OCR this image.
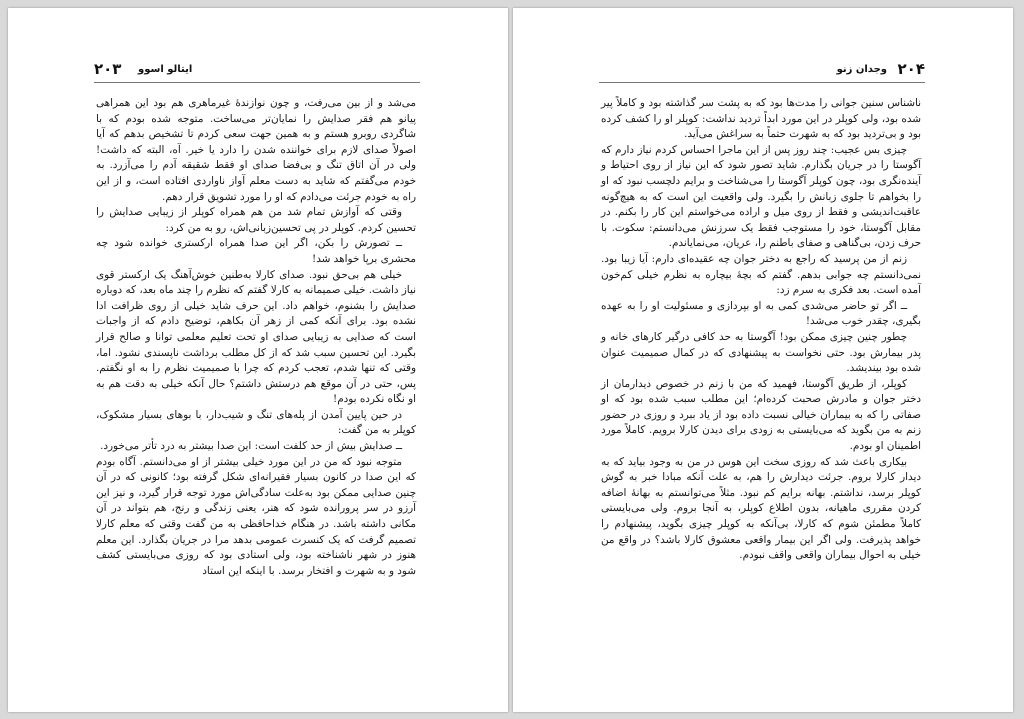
۲۰۳ ایتالو اسوو

می‌شد و از بین می‌رفت، و چون نوازندهٔ غیرماهری هم بود این همراهی پیانو هم فقر صدایش را نمایان‌تر می‌ساخت. متوجه شده بودم که با شاگردی روبرو هستم و به همین جهت سعی کردم تا تشخیص بدهم که آیا اصولاً صدای لازم برای خواننده شدن را دارد یا خیر. آه، البته که داشت! ولی در آن اتاق تنگ و بی‌فضا صدای او فقط شقیقه آدم را می‌آزرد. به خودم می‌گفتم که شاید به دست معلم آواز ناواردی افتاده است، و از این راه به خودم جرئت می‌دادم که او را مورد تشویق قرار دهم.

وقتی که آوازش تمام شد من هم همراه کوپلر از زیبایی صدایش را تحسین کردم. کوپلر در پی تحسین‌زبانی‌اش، رو به من کرد:

ــ تصورش را بکن، اگر این صدا همراه ارکستری خوانده شود چه محشری برپا خواهد شد!

خیلی هم بی‌حق نبود. صدای کارلا به‌طنین خوش‌آهنگ یک ارکستر قوی نیاز داشت. خیلی صمیمانه به کارلا گفتم که نظرم را چند ماه بعد، که دوباره صدایش را بشنوم، خواهم داد. این حرف شاید خیلی از روی ظرافت ادا نشده بود. برای آنکه کمی از زهر آن بکاهم، توضیح دادم که از واجبات است که صدایی به زیبایی صدای او تحت تعلیم معلمی توانا و صالح قرار بگیرد. این تحسین سبب شد که از کل مطلب برداشت ناپسندی نشود. اما، وقتی که تنها شدم، تعجب کردم که چرا با صمیمیت نظرم را به او نگفتم. پس، حتی در آن موقع هم درستش داشتم؟ حال آنکه خیلی به دقت هم به او نگاه نکرده بودم!

در حین پایین آمدن از پله‌های تنگ و شیب‌دار، با بوهای بسیار مشکوک، کوپلر به من گفت:

ــ صدایش بیش از حد کلفت است: این صدا بیشتر به درد تأتر می‌خورد.

متوجه نبود که من در این مورد خیلی بیشتر از او می‌دانستم. آگاه بودم که این صدا در کانون بسیار فقیرانه‌ای شکل گرفته بود؛ کانونی که در آن چنین صدایی ممکن بود به‌علت سادگی‌اش مورد توجه قرار گیرد، و نیز این آرزو در سر پرورانده شود که هنر، یعنی زندگی و رنج، هم بتواند در آن مکانی داشته باشد. در هنگام خداحافظی به من گفت وقتی که معلم کارلا تصمیم گرفت که یک کنسرت عمومی بدهد مرا در جریان بگذارد. این معلم هنوز در شهر ناشناخته بود، ولی استادی بود که روزی می‌بایستی کشف شود و به شهرت و افتخار برسد. با اینکه این استاد

۲۰۴
وجدان زنو

ناشناس سنین جوانی را مدت‌ها بود که به پشت سر گذاشته بود و کاملاً پیر شده بود، ولی کوپلر در این مورد ابداً تردید نداشت: کوپلر او را کشف کرده بود و بی‌تردید بود که به شهرت حتماً به سراغش می‌آید.

چیزی بس عجیب: چند روز پس از این ماجرا احساس کردم نیاز دارم که آگوستا را در جریان بگذارم. شاید تصور شود که این نیاز از روی احتیاط و آینده‌نگری بود، چون کوپلر آگوستا را می‌شناخت و برایم دلچسب نبود که او را بخواهم تا جلوی زبانش را بگیرد. ولی واقعیت این است که به هیچ‌گونه عاقبت‌اندیشی و فقط از روی میل و اراده می‌خواستم این کار را بکنم. در مقابل آگوستا، خود را مستوجب فقط یک سرزنش می‌دانستم: سکوت. با حرف زدن، بی‌گناهی و صفای باطنم را، عریان، می‌نمایاندم.

زنم از من پرسید که راجع به دختر جوان چه عقیده‌ای دارم: آیا زیبا بود. نمی‌دانستم چه جوابی بدهم. گفتم که بچهٔ بیچاره به نظرم خیلی کم‌خون آمده است. بعد فکری به سرم زد:

ــ اگر تو حاضر می‌شدی کمی به او بپردازی و مسئولیت او را به عهده بگیری، چقدر خوب می‌شد!

چطور چنین چیزی ممکن بود! آگوستا به حد کافی درگیر کارهای خانه و پدر بیمارش بود. حتی نخواست به پیشنهادی که در کمال صمیمیت عنوان شده بود بیندیشد.

کوپلر، از طریق آگوستا، فهمید که من با زنم در خصوص دیدارمان از دختر جوان و مادرش صحبت کرده‌ام؛ این مطلب سبب شده بود که او صفاتی را که به بیماران خیالی نسبت داده بود از یاد ببرد و روزی در حضور زنم به من بگوید که می‌بایستی به زودی برای دیدن کارلا برویم. کاملاً مورد اطمینان او بودم.

بیکاری باعث شد که روزی سخت این هوس در من به وجود بیاید که به دیدار کارلا بروم. جرئت دیدارش را هم، به علت آنکه مبادا خبر به گوش کوپلر برسد، نداشتم. بهانه برایم کم نبود. مثلاً می‌توانستم به بهانهٔ اضافه کردن مقرری ماهیانه، بدون اطلاع کوپلر، به آنجا بروم. ولی می‌بایستی کاملاً مطمئن شوم که کارلا، بی‌آنکه به کوپلر چیزی بگوید، پیشنهادم را خواهد پذیرفت. ولی اگر این بیمار واقعی معشوق کارلا باشد؟ در واقع من خیلی به احوال بیماران واقعی واقف نبودم.
